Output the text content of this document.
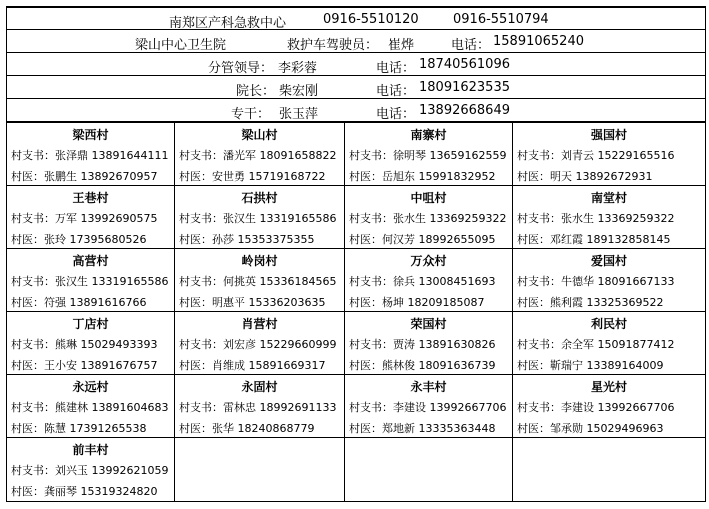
南郑区产科急救中心	0916-5510120	0916-5510794
梁山中心卫生院	救护车驾驶员： 崔烨	电话： 15891065240
分管领导： 李彩蓉	电话： 18740561096
院长： 柴宏刚	电话： 18091623535
专干： 张玉萍	电话： 13892668649
梁西村
村支书：张泽鼎 13891644111
村医：张鹏生 13892670957
梁山村
村支书：潘光军 18091658822
村医：安世勇 15719168722
南寨村
村支书：徐明琴 13659162559
村医：岳旭东 15991832952
强国村
村支书：刘青云 15229165516
村医：明天 13892672931
王巷村
村支书：万军 13992690575
村医：张玲 17395680526
石拱村
村支书：张汉生 13319165586
村医：孙莎 15353375355
中咀村
村支书：张水生 13369259322
村医：何汉芳 18992655095
南堂村
村支书：张水生 13369259322
村医：邓红霞 189132858145
高营村
村支书：张汉生 13319165586
村医：符强 13891616766
岭岗村
村支书：何挑英 15336184565
村医：明惠平 15336203635
万众村
村支书：徐兵 13008451693
村医：杨坤 18209185087
爱国村
村支书：牛德华 18091667133
村医：熊利霞 13325369522
丁店村
村支书：熊琳 15029493393
村医：王小安 13891676757
肖营村
村支书：刘宏彦 15229660999
村医：肖维成 15891669317
荣国村
村支书：贾涛 13891630826
村医：熊林俊 18091636739
利民村
村支书：余全军 15091877412
村医：靳瑞宁 13389164009
永远村
村支书：熊建林 13891604683
村医：陈慧 17391265538
永固村
村支书：雷林忠 18992691133
村医：张华 18240868779
永丰村
村支书：李建设 13992667706
村医：郑地新 13335363448
星光村
村支书：李建设 13992667706
村医：邹承勋 15029496963
前丰村
村支书：刘兴玉 13992621059
村医：龚丽琴 15319324820
